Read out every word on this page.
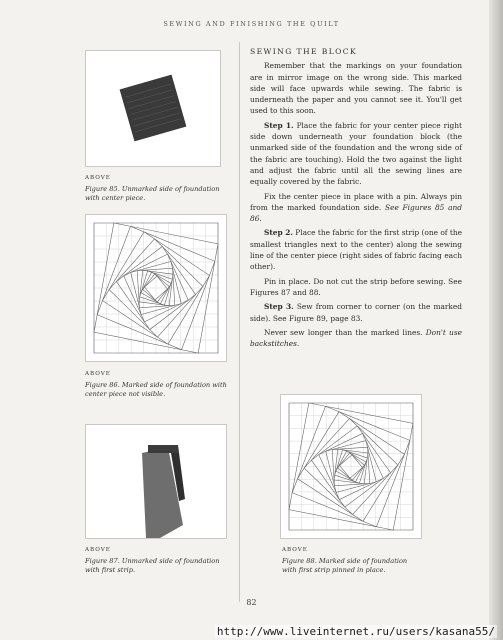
SEWING AND FINISHING THE QUILT
ABOVE
Figure 85. Unmarked side of foundation with center piece.
ABOVE
Figure 86. Marked side of foundation with center piece not visible.
ABOVE
Figure 87. Unmarked side of foundation with first strip.
SEWING THE BLOCK

Remember that the markings on your foundation are in mirror image on the wrong side. This marked side will face upwards while sewing. The fabric is underneath the paper and you cannot see it. You'll get used to this soon.

Step 1. Place the fabric for your center piece right side down underneath your foundation block (the unmarked side of the foundation and the wrong side of the fabric are touching). Hold the two against the light and adjust the fabric until all the sewing lines are equally covered by the fabric.

Fix the center piece in place with a pin. Always pin from the marked foundation side. See Figures 85 and 86.

Step 2. Place the fabric for the first strip (one of the smallest triangles next to the center) along the sewing line of the center piece (right sides of fabric facing each other).

Pin in place. Do not cut the strip before sewing. See Figures 87 and 88.

Step 3. Sew from corner to corner (on the marked side). See Figure 89, page 83.

Never sew longer than the marked lines. Don't use backstitches.

ABOVE
Figure 88. Marked side of foundation with first strip pinned in place.
82
http://www.liveinternet.ru/users/kasana55/
